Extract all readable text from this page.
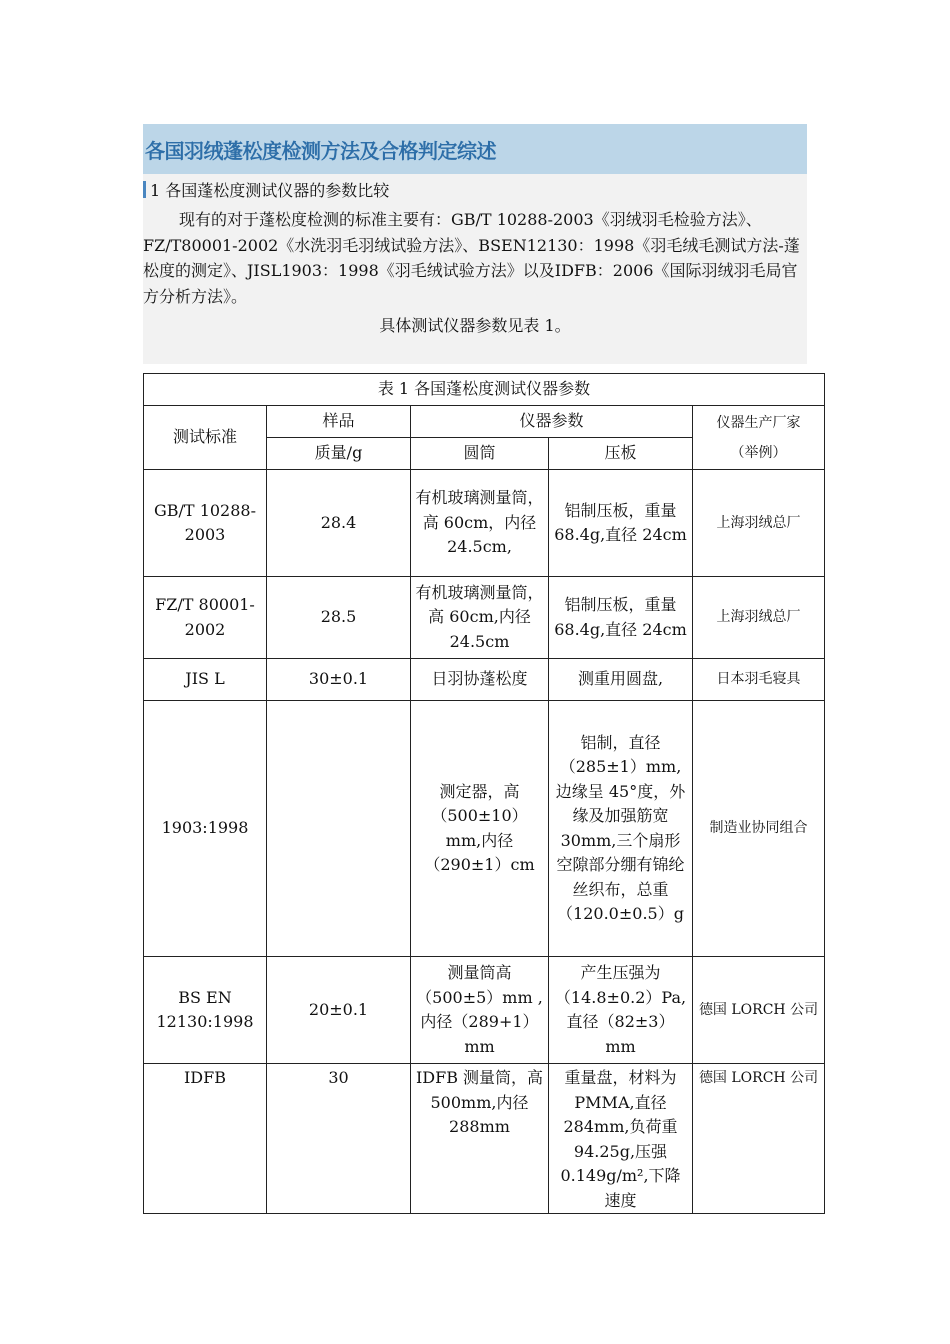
各国羽绒蓬松度检测方法及合格判定综述
1 各国蓬松度测试仪器的参数比较

现有的对于蓬松度检测的标准主要有：GB/T 10288-2003《羽绒羽毛检验方法》、FZ/T80001-2002《水洗羽毛羽绒试验方法》、BSEN12130：1998《羽毛绒毛测试方法-蓬松度的测定》、JISL1903：1998《羽毛绒试验方法》以及IDFB：2006《国际羽绒羽毛局官方分析方法》。

具体测试仪器参数见表 1。
表 1 各国蓬松度测试仪器参数				
测试标准	样品	仪器参数		仪器生产厂家
（举例）

	质量/g	圆筒	压板	
GB/T 10288-2003	28.4	有机玻璃测量筒，高 60cm，内径 24.5cm,	铝制压板，重量 68.4g,直径 24cm	上海羽绒总厂
FZ/T 80001-2002	28.5	有机玻璃测量筒，高 60cm,内径 24.5cm	铝制压板，重量 68.4g,直径 24cm	上海羽绒总厂
JIS L	30±0.1	日羽协蓬松度	测重用圆盘,	日本羽毛寝具
1903:1998		测定器，高（500±10）mm,内径（290±1）cm	铝制，直径（285±1）mm,边缘呈 45°度，外缘及加强筋宽 30mm,三个扇形空隙部分绷有锦纶丝织布，总重（120.0±0.5）g	制造业协同组合
BS EN 12130:1998	20±0.1	测量筒高（500±5）mm ,内径（289+1）mm	产生压强为（14.8±0.2）Pa,直径（82±3）mm	德国 LORCH 公司
IDFB	30	IDFB 测量筒，高 500mm,内径 288mm	重量盘，材料为 PMMA,直径 284mm,负荷重 94.25g,压强 0.149g/m²,下降速度	德国 LORCH 公司
